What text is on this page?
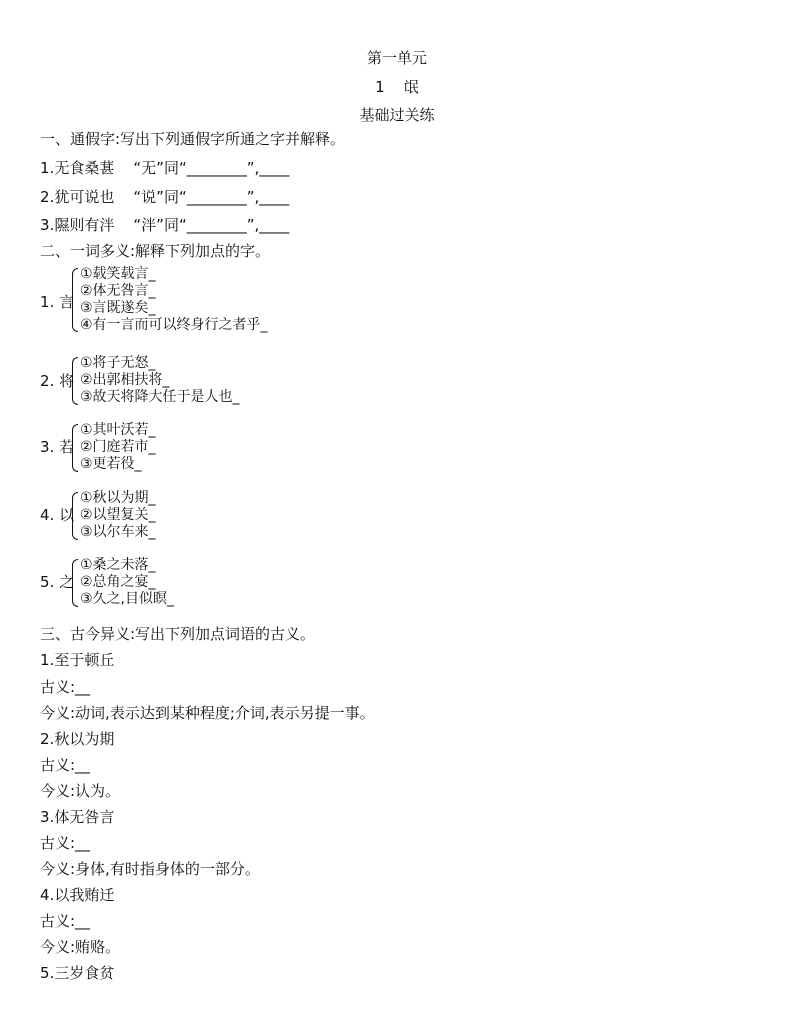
第一单元
1 氓
基础过关练
一、通假字:写出下列通假字所通之字并解释。
1.无食桑葚 “无”同“________”,____
2.犹可说也 “说”同“________”,____
3.隰则有泮 “泮”同“________”,____
二、一词多义:解释下列加点的字。
1. 言
①载笑载言_
②体无咎言_
③言既遂矣_
④有一言而可以终身行之者乎_
2. 将
①将子无怒_
②出郭相扶将_
③故天将降大任于是人也_
3. 若
①其叶沃若_
②门庭若市_
③更若役_
4. 以
①秋以为期_
②以望复关_
③以尔车来_
5. 之
①桑之未落_
②总角之宴_
③久之,目似瞑_
三、古今异义:写出下列加点词语的古义。
1.至于顿丘
古义:__
今义:动词,表示达到某种程度;介词,表示另提一事。
2.秋以为期
古义:__
今义:认为。
3.体无咎言
古义:__
今义:身体,有时指身体的一部分。
4.以我贿迁
古义:__
今义:贿赂。
5.三岁食贫
